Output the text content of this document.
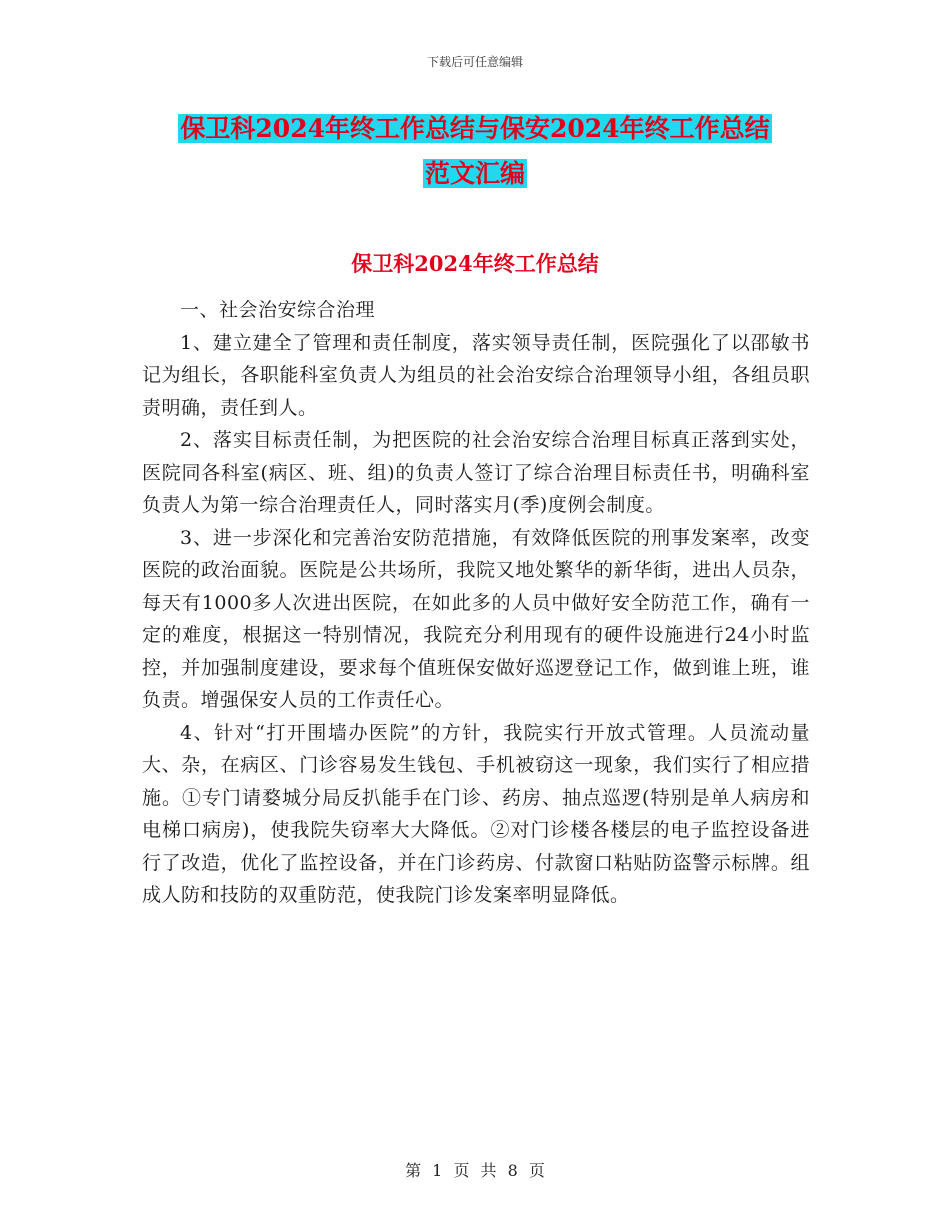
下载后可任意编辑
保卫科2024年终工作总结与保安2024年终工作总结
范文汇编
保卫科2024年终工作总结

一、社会治安综合治理

1、建立建全了管理和责任制度，落实领导责任制，医院强化了以邵敏书记为组长，各职能科室负责人为组员的社会治安综合治理领导小组，各组员职责明确，责任到人。

2、落实目标责任制，为把医院的社会治安综合治理目标真正落到实处，医院同各科室(病区、班、组)的负责人签订了综合治理目标责任书，明确科室负责人为第一综合治理责任人，同时落实月(季)度例会制度。

3、进一步深化和完善治安防范措施，有效降低医院的刑事发案率，改变医院的政治面貌。医院是公共场所，我院又地处繁华的新华街，进出人员杂，每天有1000多人次进出医院，在如此多的人员中做好安全防范工作，确有一定的难度，根据这一特别情况，我院充分利用现有的硬件设施进行24小时监控，并加强制度建设，要求每个值班保安做好巡逻登记工作，做到谁上班，谁负责。增强保安人员的工作责任心。

4、针对“打开围墙办医院”的方针，我院实行开放式管理。人员流动量大、杂，在病区、门诊容易发生钱包、手机被窃这一现象，我们实行了相应措施。①专门请婺城分局反扒能手在门诊、药房、抽点巡逻(特别是单人病房和电梯口病房)，使我院失窃率大大降低。②对门诊楼各楼层的电子监控设备进行了改造，优化了监控设备，并在门诊药房、付款窗口粘贴防盗警示标牌。组成人防和技防的双重防范，使我院门诊发案率明显降低。

第 1 页 共 8 页
